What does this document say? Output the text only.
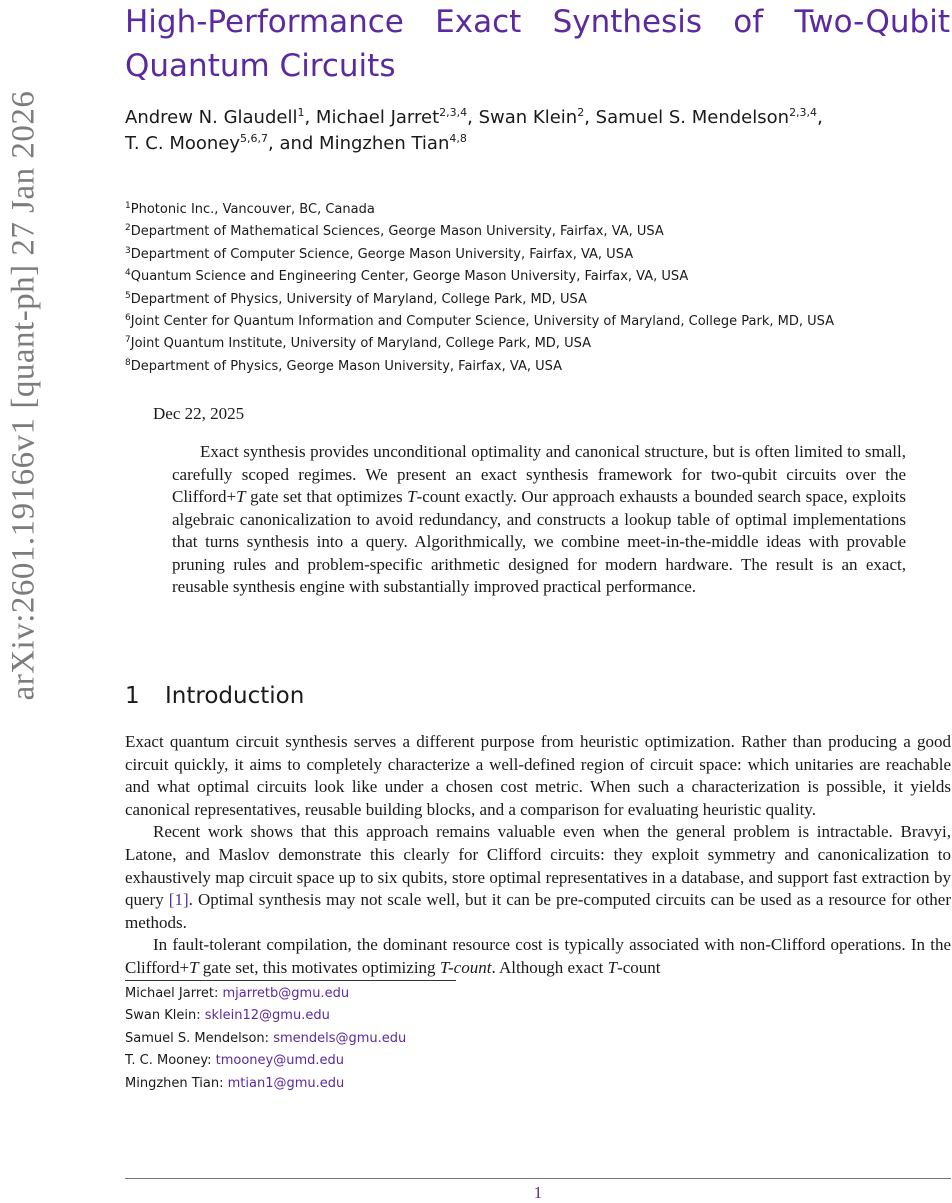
arXiv:2601.19166v1 [quant-ph] 27 Jan 2026
High-Performance Exact Synthesis of Two-Qubit
Quantum Circuits
Andrew N. Glaudell$^1$, Michael Jarret$^{2,3,4}$, Swan Klein$^2$, Samuel S. Mendelson$^{2,3,4}$,
T. C. Mooney$^{5,6,7}$, and Mingzhen Tian$^{4,8}$
$^1$Photonic Inc., Vancouver, BC, Canada
$^2$Department of Mathematical Sciences, George Mason University, Fairfax, VA, USA
$^3$Department of Computer Science, George Mason University, Fairfax, VA, USA
$^4$Quantum Science and Engineering Center, George Mason University, Fairfax, VA, USA
$^5$Department of Physics, University of Maryland, College Park, MD, USA
$^6$Joint Center for Quantum Information and Computer Science, University of Maryland, College Park, MD, USA
$^7$Joint Quantum Institute, University of Maryland, College Park, MD, USA
$^8$Department of Physics, George Mason University, Fairfax, VA, USA
Dec 22, 2025

Exact synthesis provides unconditional optimality and canonical structure, but is often limited to small, carefully scoped regimes. We present an exact synthesis framework for two-qubit circuits over the Clifford+T gate set that optimizes T-count exactly. Our approach exhausts a bounded search space, exploits algebraic canonicalization to avoid redundancy, and constructs a lookup table of optimal implementations that turns synthesis into a query. Algorithmically, we combine meet-in-the-middle ideas with provable pruning rules and problem-specific arithmetic designed for modern hardware. The result is an exact, reusable synthesis engine with substantially improved practical performance.

1 Introduction

Exact quantum circuit synthesis serves a different purpose from heuristic optimization. Rather than producing a good circuit quickly, it aims to completely characterize a well-defined region of circuit space: which unitaries are reachable and what optimal circuits look like under a chosen cost metric. When such a characterization is possible, it yields canonical representatives, reusable building blocks, and a comparison for evaluating heuristic quality.

Recent work shows that this approach remains valuable even when the general problem is intractable. Bravyi, Latone, and Maslov demonstrate this clearly for Clifford circuits: they exploit symmetry and canonicalization to exhaustively map circuit space up to six qubits, store optimal representatives in a database, and support fast extraction by query [1]. Optimal synthesis may not scale well, but it can be pre-computed circuits can be used as a resource for other methods.

In fault-tolerant compilation, the dominant resource cost is typically associated with non-Clifford operations. In the Clifford+T gate set, this motivates optimizing T-count. Although exact T-count

Michael Jarret: mjarretb@gmu.edu
Swan Klein: sklein12@gmu.edu
Samuel S. Mendelson: smendels@gmu.edu
T. C. Mooney: tmooney@umd.edu
Mingzhen Tian: mtian1@gmu.edu
1
